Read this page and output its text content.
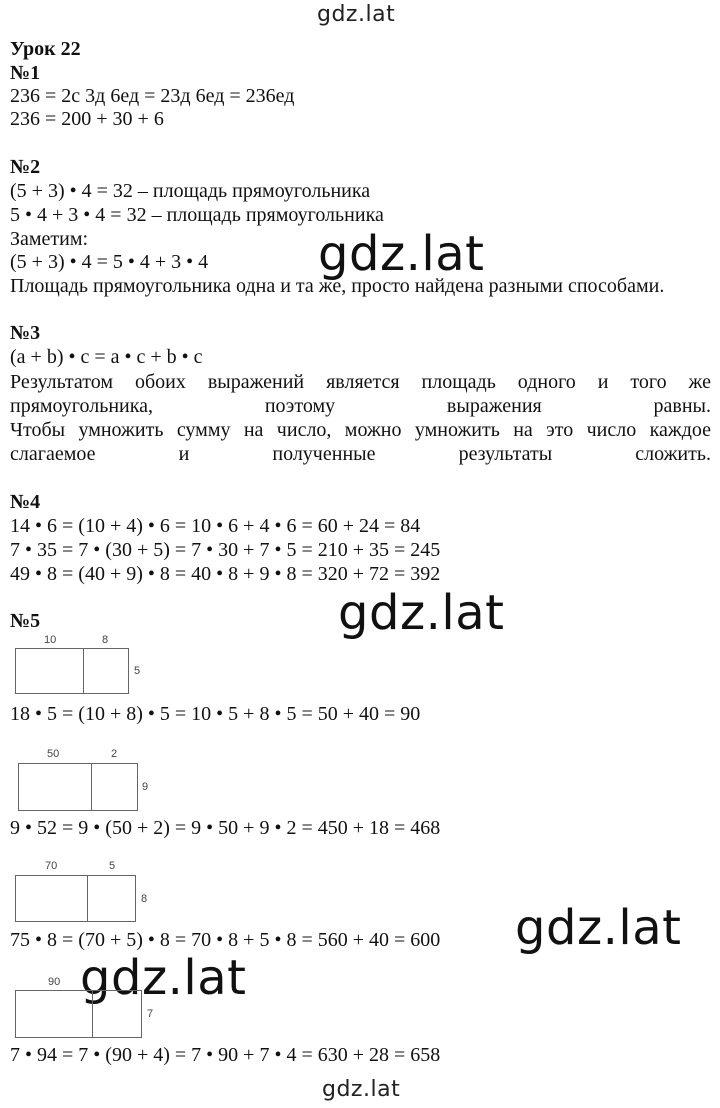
gdz.lat
gdz.lat
gdz.lat
gdz.lat
gdz.lat
gdz.lat
Урок 22
№1
236 = 2с 3д 6ед = 23д 6ед = 236ед
236 = 200 + 30 + 6
№2
(5 + 3) • 4 = 32 – площадь прямоугольника
5 • 4 + 3 • 4 = 32 – площадь прямоугольника
Заметим:
(5 + 3) • 4 = 5 • 4 + 3 • 4
Площадь прямоугольника одна и та же, просто найдена разными способами.
№3
(a + b) • c = a • c + b • c
Результатом обоих выражений является площадь одного и того же прямоугольника, поэтому выражения равны.
Чтобы умножить сумму на число, можно умножить на это число каждое слагаемое и полученные результаты сложить.
№4
14 • 6 = (10 + 4) • 6 = 10 • 6 + 4 • 6 = 60 + 24 = 84
7 • 35 = 7 • (30 + 5) = 7 • 30 + 7 • 5 = 210 + 35 = 245
49 • 8 = (40 + 9) • 8 = 40 • 8 + 9 • 8 = 320 + 72 = 392
№5
10	8
5
18 • 5 = (10 + 8) • 5 = 10 • 5 + 8 • 5 = 50 + 40 = 90
50	2
9
9 • 52 = 9 • (50 + 2) = 9 • 50 + 9 • 2 = 450 + 18 = 468
70	5
8
75 • 8 = (70 + 5) • 8 = 70 • 8 + 5 • 8 = 560 + 40 = 600
90
7
7 • 94 = 7 • (90 + 4) = 7 • 90 + 7 • 4 = 630 + 28 = 658
